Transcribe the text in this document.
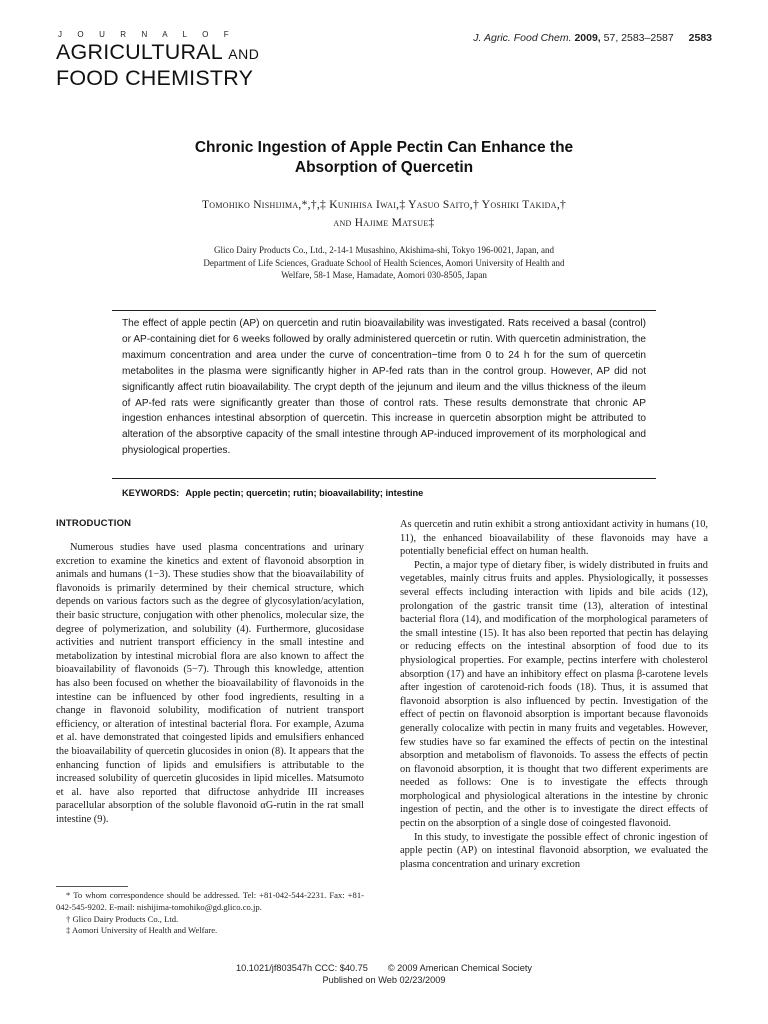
J O U R N A L O F
AGRICULTURAL AND
FOOD CHEMISTRY
J. Agric. Food Chem. 2009, 57, 2583–2587 2583
Chronic Ingestion of Apple Pectin Can Enhance the
Absorption of Quercetin
Tomohiko Nishijima,*,†,‡ Kunihisa Iwai,‡ Yasuo Saito,† Yoshiki Takida,†
and Hajime Matsue‡
Glico Dairy Products Co., Ltd., 2-14-1 Musashino, Akishima-shi, Tokyo 196-0021, Japan, and
Department of Life Sciences, Graduate School of Health Sciences, Aomori University of Health and
Welfare, 58-1 Mase, Hamadate, Aomori 030-8505, Japan
The effect of apple pectin (AP) on quercetin and rutin bioavailability was investigated. Rats received a basal (control) or AP-containing diet for 6 weeks followed by orally administered quercetin or rutin. With quercetin administration, the maximum concentration and area under the curve of concentration−time from 0 to 24 h for the sum of quercetin metabolites in the plasma were significantly higher in AP-fed rats than in the control group. However, AP did not significantly affect rutin bioavailability. The crypt depth of the jejunum and ileum and the villus thickness of the ileum of AP-fed rats were significantly greater than those of control rats. These results demonstrate that chronic AP ingestion enhances intestinal absorption of quercetin. This increase in quercetin absorption might be attributed to alteration of the absorptive capacity of the small intestine through AP-induced improvement of its morphological and physiological properties.
KEYWORDS: Apple pectin; quercetin; rutin; bioavailability; intestine
INTRODUCTION

Numerous studies have used plasma concentrations and urinary excretion to examine the kinetics and extent of flavonoid absorption in animals and humans (1−3). These studies show that the bioavailability of flavonoids is primarily determined by their chemical structure, which depends on various factors such as the degree of glycosylation/acylation, their basic structure, conjugation with other phenolics, molecular size, the degree of polymerization, and solubility (4). Furthermore, glucosidase activities and nutrient transport efficiency in the small intestine and metabolization by intestinal microbial flora are also known to affect the bioavailability of flavonoids (5−7). Through this knowledge, attention has also been focused on whether the bioavailability of flavonoids in the intestine can be influenced by other food ingredients, resulting in a change in flavonoid solubility, modification of nutrient transport efficiency, or alteration of intestinal bacterial flora. For example, Azuma et al. have demonstrated that coingested lipids and emulsifiers enhanced the bioavailability of quercetin glucosides in onion (8). It appears that the enhancing function of lipids and emulsifiers is attributable to the increased solubility of quercetin glucosides in lipid micelles. Matsumoto et al. have also reported that difructose anhydride III increases paracellular absorption of the soluble flavonoid αG-rutin in the rat small intestine (9).

* To whom correspondence should be addressed. Tel: +81-042-544-2231. Fax: +81-042-545-9202. E-mail: nishijima-tomohiko@gd.glico.co.jp.
† Glico Dairy Products Co., Ltd.
‡ Aomori University of Health and Welfare.

As quercetin and rutin exhibit a strong antioxidant activity in humans (10, 11), the enhanced bioavailability of these flavonoids may have a potentially beneficial effect on human health.

Pectin, a major type of dietary fiber, is widely distributed in fruits and vegetables, mainly citrus fruits and apples. Physiologically, it possesses several effects including interaction with lipids and bile acids (12), prolongation of the gastric transit time (13), alteration of intestinal bacterial flora (14), and modification of the morphological parameters of the small intestine (15). It has also been reported that pectin has delaying or reducing effects on the intestinal absorption of food due to its physiological properties. For example, pectins interfere with cholesterol absorption (17) and have an inhibitory effect on plasma β-carotene levels after ingestion of carotenoid-rich foods (18). Thus, it is assumed that flavonoid absorption is also influenced by pectin. Investigation of the effect of pectin on flavonoid absorption is important because flavonoids generally colocalize with pectin in many fruits and vegetables. However, few studies have so far examined the effects of pectin on the intestinal absorption and metabolism of flavonoids. To assess the effects of pectin on flavonoid absorption, it is thought that two different experiments are needed as follows: One is to investigate the effects through morphological and physiological alterations in the intestine by chronic ingestion of pectin, and the other is to investigate the direct effects of pectin on the absorption of a single dose of coingested flavonoid.

In this study, to investigate the possible effect of chronic ingestion of apple pectin (AP) on intestinal flavonoid absorption, we evaluated the plasma concentration and urinary excretion

10.1021/jf803547h CCC: $40.75 © 2009 American Chemical Society
Published on Web 02/23/2009
